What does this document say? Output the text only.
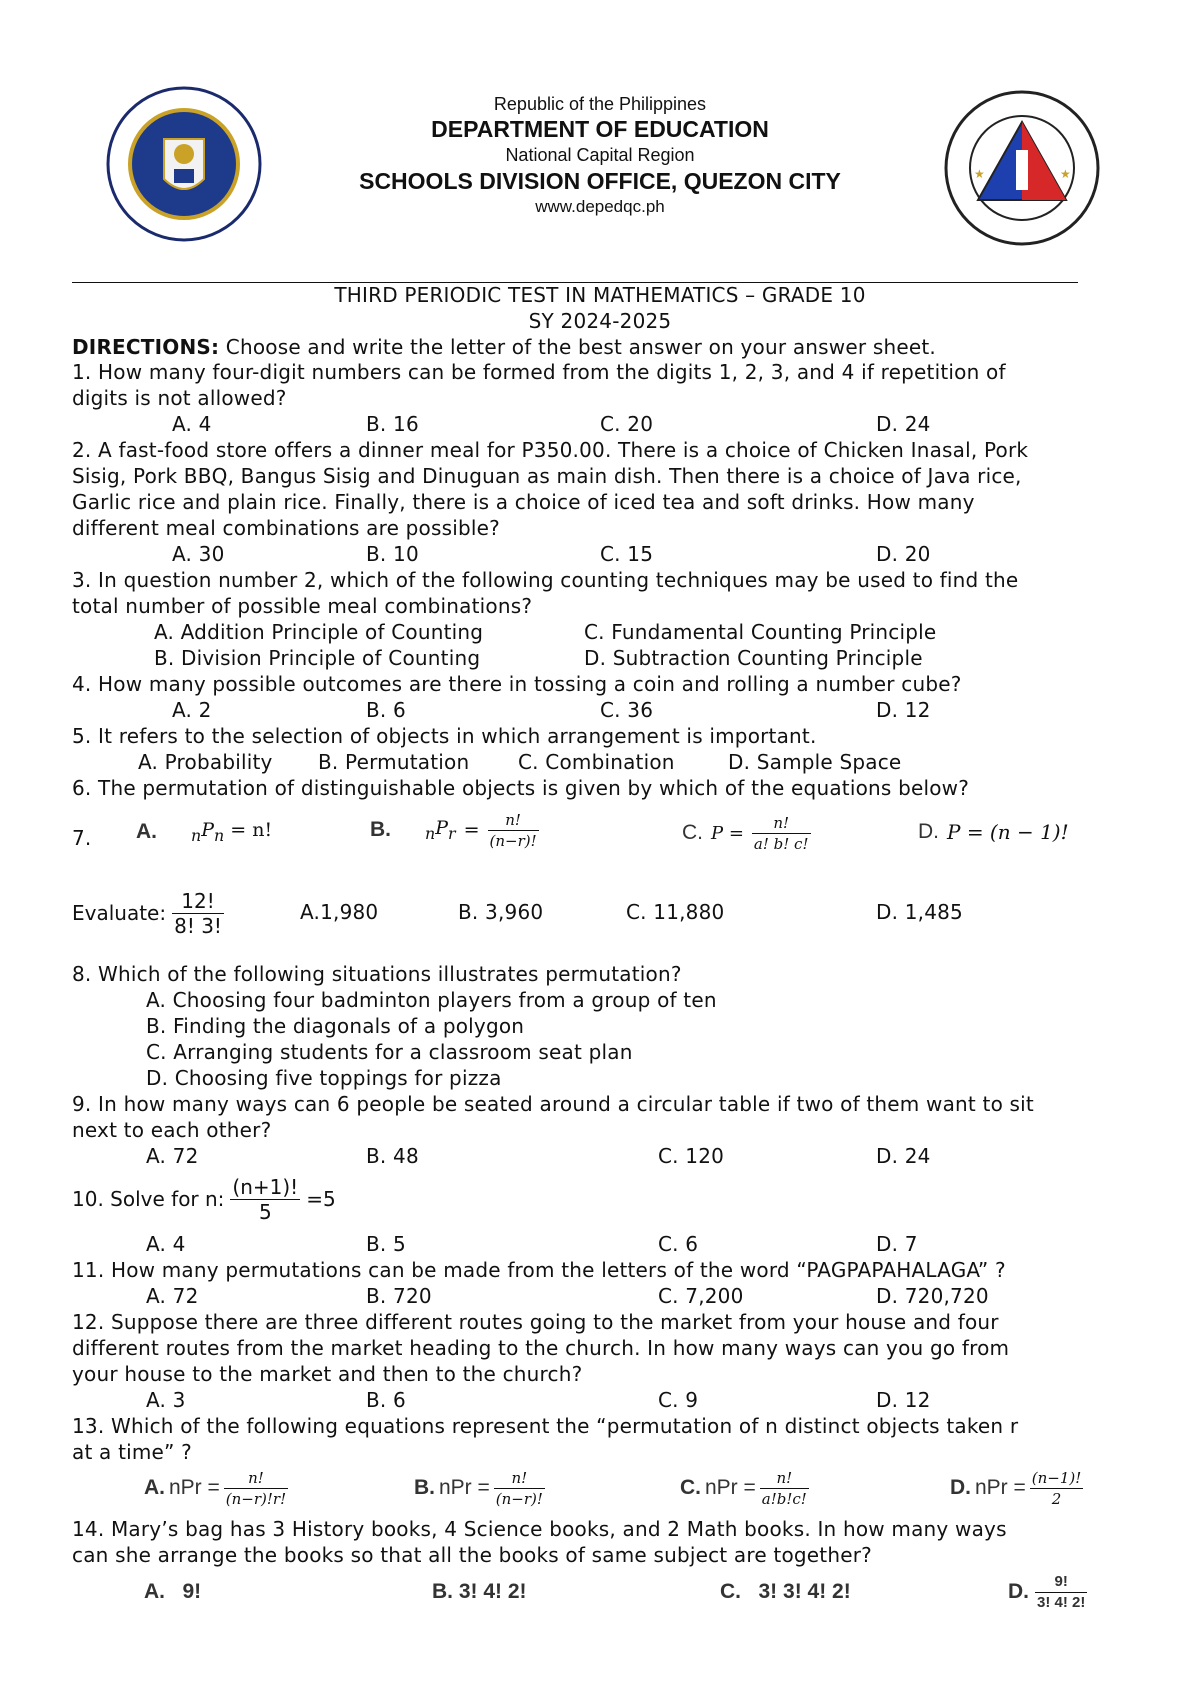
★	★
Republic of the Philippines
DEPARTMENT OF EDUCATION
National Capital Region
SCHOOLS DIVISION OFFICE, QUEZON CITY
www.depedqc.ph
THIRD PERIODIC TEST IN MATHEMATICS – GRADE 10
SY 2024-2025
DIRECTIONS: Choose and write the letter of the best answer on your answer sheet.
1. How many four-digit numbers can be formed from the digits 1, 2, 3, and 4 if repetition of
digits is not allowed?
A. 4	B. 16	C. 20	D. 24
2. A fast-food store offers a dinner meal for P350.00. There is a choice of Chicken Inasal, Pork
Sisig, Pork BBQ, Bangus Sisig and Dinuguan as main dish. Then there is a choice of Java rice,
Garlic rice and plain rice. Finally, there is a choice of iced tea and soft drinks. How many
different meal combinations are possible?
A. 30	B. 10	C. 15	D. 20
3. In question number 2, which of the following counting techniques may be used to find the
total number of possible meal combinations?
A. Addition Principle of Counting	C. Fundamental Counting Principle
B. Division Principle of Counting	D. Subtraction Counting Principle
4. How many possible outcomes are there in tossing a coin and rolling a number cube?
A. 2	B. 6	C. 36	D. 12
5. It refers to the selection of objects in which arrangement is important.
A. Probability B. Permutation C. Combination	D. Sample Space
6. The permutation of distinguishable objects is given by which of the equations below?
7. A. $_nP_n = n$!	B. $_nP_r = \frac{n!}{(n-r)!}$	C. $P = \frac{n!}{a! b! c!}$	D. P = (n − 1)!
Evaluate: $\frac{12!}{8! 3!}$	A.1,980	B. 3,960	C. 11,880	D. 1,485
8. Which of the following situations illustrates permutation?
A. Choosing four badminton players from a group of ten
B. Finding the diagonals of a polygon
C. Arranging students for a classroom seat plan
D. Choosing five toppings for pizza
9. In how many ways can 6 people be seated around a circular table if two of them want to sit
next to each other?
A. 72	B. 48	C. 120	D. 24
10. Solve for n: $\frac{(n+1)!}{5} =5$
A. 4	B. 5	C. 6	D. 7
11. How many permutations can be made from the letters of the word “PAGPAPAHALAGA” ?
A. 72	B. 720	C. 7,200	D. 720,720
12. Suppose there are three different routes going to the market from your house and four
different routes from the market heading to the church. In how many ways can you go from
your house to the market and then to the church?
A. 3	B. 6	C. 9	D. 12
13. Which of the following equations represent the “permutation of n distinct objects taken r
at a time” ?
A. nPr = $\frac{n!}{(n-r)!r!}$	B. nPr = $\frac{n!}{(n-r)!}$	C. nPr = $\frac{n!}{a!b!c!}$	D. nPr = $\frac{(n-1)!}{2}$
14. Mary’s bag has 3 History books, 4 Science books, and 2 Math books. In how many ways
can she arrange the books so that all the books of same subject are together?
A.   9!	B. 3! 4! 2!	C.   3! 3! 4! 2!	D. $\frac{9!}{3! 4! 2!}$
